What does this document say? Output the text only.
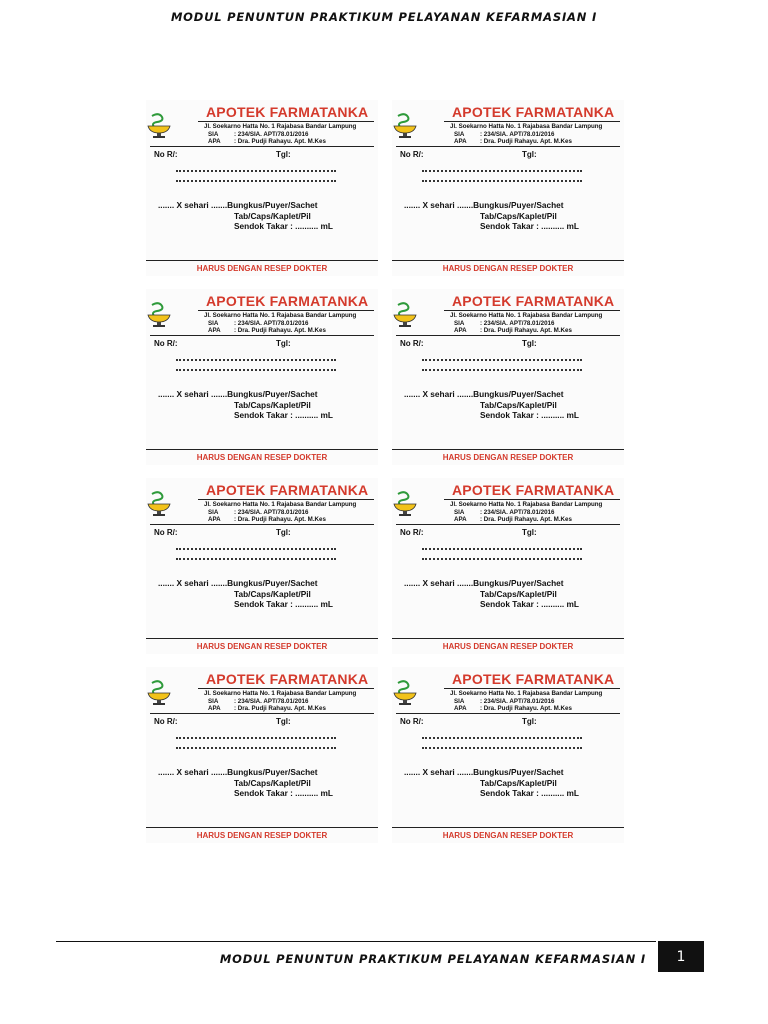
MODUL PENUNTUN PRAKTIKUM PELAYANAN KEFARMASIAN I
APOTEK FARMATANKA
Jl. Soekarno Hatta No. 1 Rajabasa Bandar Lampung
SIA	: 234/SIA. APT/78.01/2016
APA : Dra. Pudji Rahayu. Apt. M.Kes
No R/:	Tgl:
....... X sehari .......Bungkus/Puyer/Sachet
Tab/Caps/Kaplet/Pil
Sendok Takar : .......... mL
HARUS DENGAN RESEP DOKTER
APOTEK FARMATANKA
Jl. Soekarno Hatta No. 1 Rajabasa Bandar Lampung
SIA	: 234/SIA. APT/78.01/2016
APA : Dra. Pudji Rahayu. Apt. M.Kes
No R/:	Tgl:
....... X sehari .......Bungkus/Puyer/Sachet
Tab/Caps/Kaplet/Pil
Sendok Takar : .......... mL
HARUS DENGAN RESEP DOKTER
APOTEK FARMATANKA
Jl. Soekarno Hatta No. 1 Rajabasa Bandar Lampung
SIA	: 234/SIA. APT/78.01/2016
APA : Dra. Pudji Rahayu. Apt. M.Kes
No R/:	Tgl:
....... X sehari .......Bungkus/Puyer/Sachet
Tab/Caps/Kaplet/Pil
Sendok Takar : .......... mL
HARUS DENGAN RESEP DOKTER
APOTEK FARMATANKA
Jl. Soekarno Hatta No. 1 Rajabasa Bandar Lampung
SIA	: 234/SIA. APT/78.01/2016
APA : Dra. Pudji Rahayu. Apt. M.Kes
No R/:	Tgl:
....... X sehari .......Bungkus/Puyer/Sachet
Tab/Caps/Kaplet/Pil
Sendok Takar : .......... mL
HARUS DENGAN RESEP DOKTER
APOTEK FARMATANKA
Jl. Soekarno Hatta No. 1 Rajabasa Bandar Lampung
SIA	: 234/SIA. APT/78.01/2016
APA : Dra. Pudji Rahayu. Apt. M.Kes
No R/:	Tgl:
....... X sehari .......Bungkus/Puyer/Sachet
Tab/Caps/Kaplet/Pil
Sendok Takar : .......... mL
HARUS DENGAN RESEP DOKTER
APOTEK FARMATANKA
Jl. Soekarno Hatta No. 1 Rajabasa Bandar Lampung
SIA	: 234/SIA. APT/78.01/2016
APA : Dra. Pudji Rahayu. Apt. M.Kes
No R/:	Tgl:
....... X sehari .......Bungkus/Puyer/Sachet
Tab/Caps/Kaplet/Pil
Sendok Takar : .......... mL
HARUS DENGAN RESEP DOKTER
APOTEK FARMATANKA
Jl. Soekarno Hatta No. 1 Rajabasa Bandar Lampung
SIA	: 234/SIA. APT/78.01/2016
APA : Dra. Pudji Rahayu. Apt. M.Kes
No R/:	Tgl:
....... X sehari .......Bungkus/Puyer/Sachet
Tab/Caps/Kaplet/Pil
Sendok Takar : .......... mL
HARUS DENGAN RESEP DOKTER
APOTEK FARMATANKA
Jl. Soekarno Hatta No. 1 Rajabasa Bandar Lampung
SIA	: 234/SIA. APT/78.01/2016
APA : Dra. Pudji Rahayu. Apt. M.Kes
No R/:	Tgl:
....... X sehari .......Bungkus/Puyer/Sachet
Tab/Caps/Kaplet/Pil
Sendok Takar : .......... mL
HARUS DENGAN RESEP DOKTER
MODUL PENUNTUN PRAKTIKUM PELAYANAN KEFARMASIAN I	1
